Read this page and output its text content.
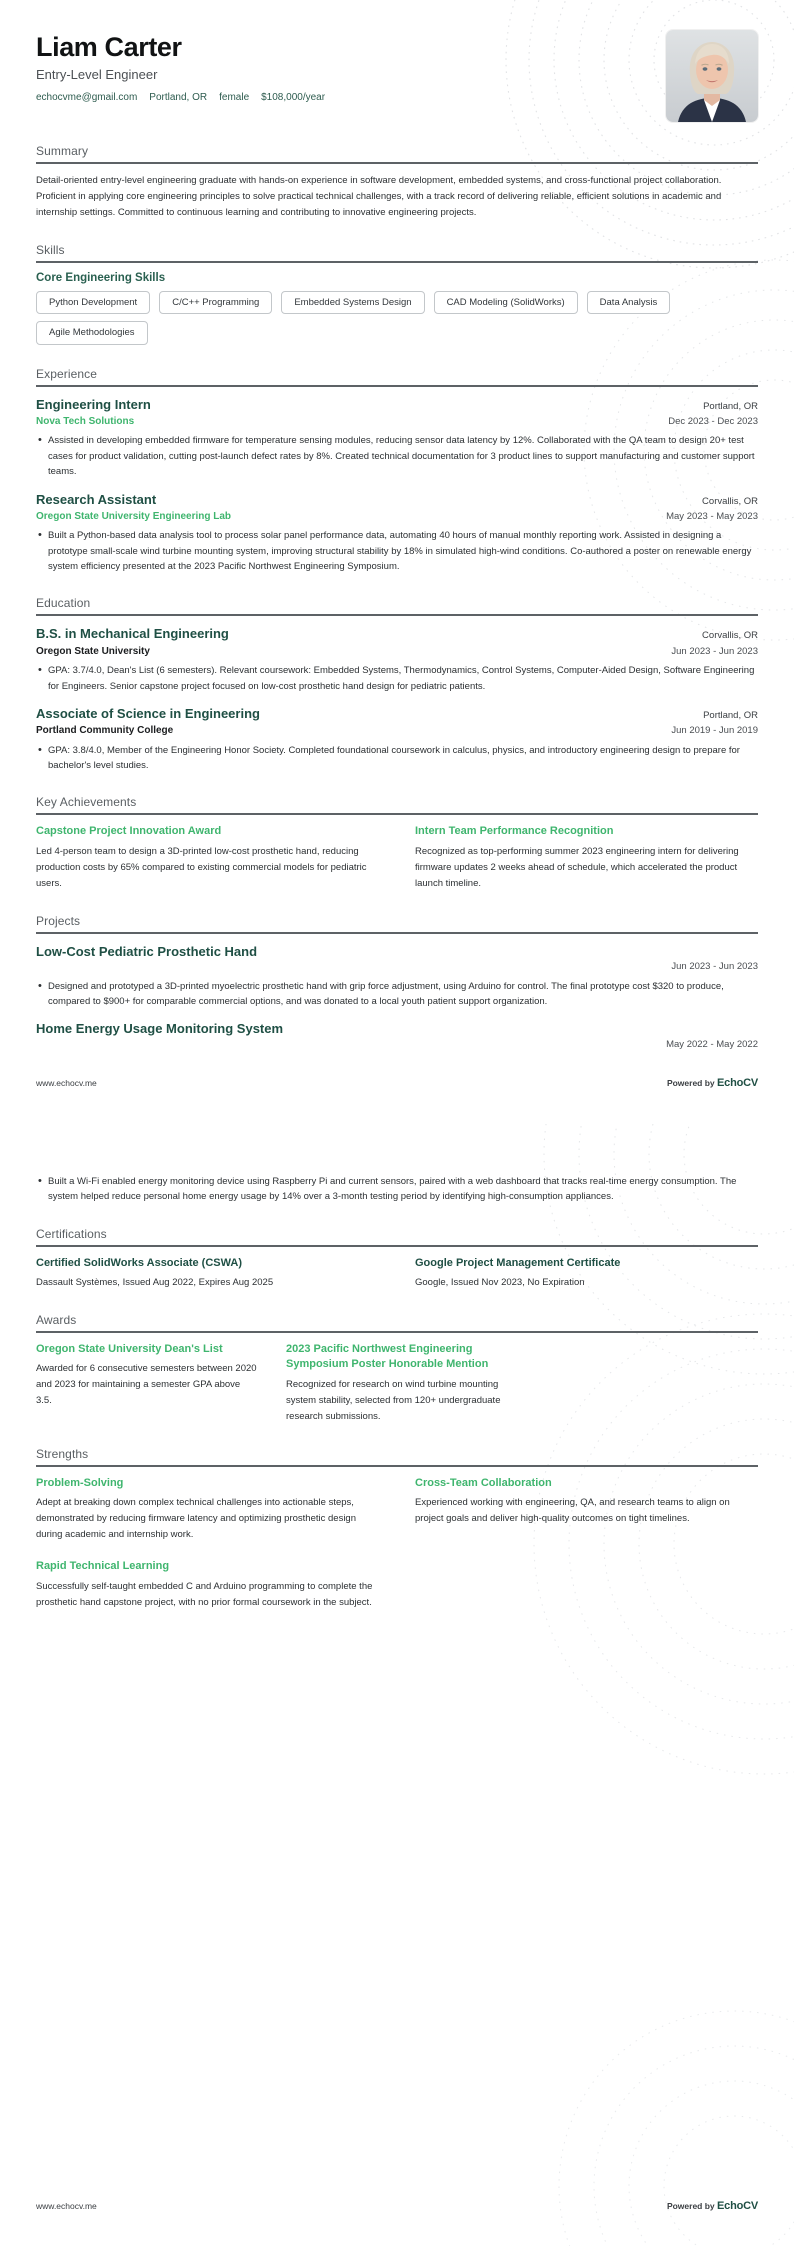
Liam Carter
Entry-Level Engineer
echocvme@gmail.com Portland, OR female $108,000/year
Summary
Detail-oriented entry-level engineering graduate with hands-on experience in software development, embedded systems, and cross-functional project collaboration. Proficient in applying core engineering principles to solve practical technical challenges, with a track record of delivering reliable, efficient solutions in academic and internship settings. Committed to continuous learning and contributing to innovative engineering projects.
Skills
Core Engineering Skills
Python Development	C/C++ Programming	Embedded Systems Design	CAD Modeling (SolidWorks)	Data Analysis
Agile Methodologies
Experience
Engineering Intern	Portland, OR
Nova Tech Solutions	Dec 2023 - Dec 2023
• Assisted in developing embedded firmware for temperature sensing modules, reducing sensor data latency by 12%. Collaborated with the QA team to design 20+ test cases for product validation, cutting post-launch defect rates by 8%. Created technical documentation for 3 product lines to support manufacturing and customer support teams.
Research Assistant	Corvallis, OR
Oregon State University Engineering Lab	May 2023 - May 2023
• Built a Python-based data analysis tool to process solar panel performance data, automating 40 hours of manual monthly reporting work. Assisted in designing a prototype small-scale wind turbine mounting system, improving structural stability by 18% in simulated high-wind conditions. Co-authored a poster on renewable energy system efficiency presented at the 2023 Pacific Northwest Engineering Symposium.
Education
B.S. in Mechanical Engineering	Corvallis, OR
Oregon State University	Jun 2023 - Jun 2023
• GPA: 3.7/4.0, Dean's List (6 semesters). Relevant coursework: Embedded Systems, Thermodynamics, Control Systems, Computer-Aided Design, Software Engineering for Engineers. Senior capstone project focused on low-cost prosthetic hand design for pediatric patients.
Associate of Science in Engineering	Portland, OR
Portland Community College	Jun 2019 - Jun 2019
• GPA: 3.8/4.0, Member of the Engineering Honor Society. Completed foundational coursework in calculus, physics, and introductory engineering design to prepare for bachelor's level studies.
Key Achievements
Capstone Project Innovation Award
Led 4-person team to design a 3D-printed low-cost prosthetic hand, reducing production costs by 65% compared to existing commercial models for pediatric users.
Intern Team Performance Recognition
Recognized as top-performing summer 2023 engineering intern for delivering firmware updates 2 weeks ahead of schedule, which accelerated the product launch timeline.
Projects
Low-Cost Pediatric Prosthetic Hand
Jun 2023 - Jun 2023
• Designed and prototyped a 3D-printed myoelectric prosthetic hand with grip force adjustment, using Arduino for control. The final prototype cost $320 to produce, compared to $900+ for comparable commercial options, and was donated to a local youth patient support organization.
Home Energy Usage Monitoring System
May 2022 - May 2022
www.echocv.me	Powered by EchoCV
• Built a Wi-Fi enabled energy monitoring device using Raspberry Pi and current sensors, paired with a web dashboard that tracks real-time energy consumption. The system helped reduce personal home energy usage by 14% over a 3-month testing period by identifying high-consumption appliances.
Certifications
Certified SolidWorks Associate (CSWA)
Dassault Systèmes, Issued Aug 2022, Expires Aug 2025
Google Project Management Certificate
Google, Issued Nov 2023, No Expiration
Awards
Oregon State University Dean's List
Awarded for 6 consecutive semesters between 2020 and 2023 for maintaining a semester GPA above 3.5.
2023 Pacific Northwest Engineering Symposium Poster Honorable Mention
Recognized for research on wind turbine mounting system stability, selected from 120+ undergraduate research submissions.
Strengths
Problem-Solving
Adept at breaking down complex technical challenges into actionable steps, demonstrated by reducing firmware latency and optimizing prosthetic design during academic and internship work.
Cross-Team Collaboration
Experienced working with engineering, QA, and research teams to align on project goals and deliver high-quality outcomes on tight timelines.
Rapid Technical Learning
Successfully self-taught embedded C and Arduino programming to complete the prosthetic hand capstone project, with no prior formal coursework in the subject.
www.echocv.me	Powered by EchoCV
